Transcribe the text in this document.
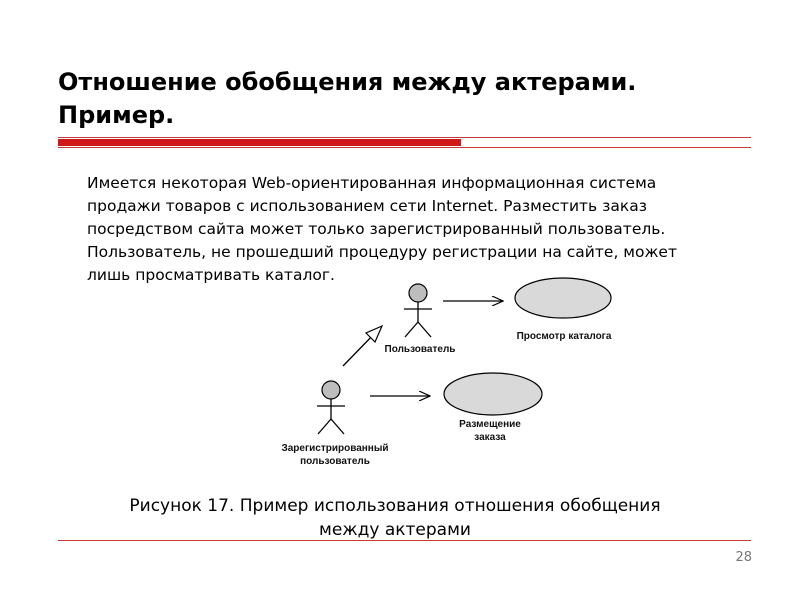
Отношение обобщения между актерами.
Пример.
Имеется некоторая Web-ориентированная информационная система
продажи товаров с использованием сети Internet. Разместить заказ
посредством сайта может только зарегистрированный пользователь.
Пользователь, не прошедший процедуру регистрации на сайте, может
лишь просматривать каталог.
Пользователь
Просмотр каталога
Размещение
заказа
Зарегистрированный
пользователь
Рисунок 17. Пример использования отношения обобщения
между актерами
28
